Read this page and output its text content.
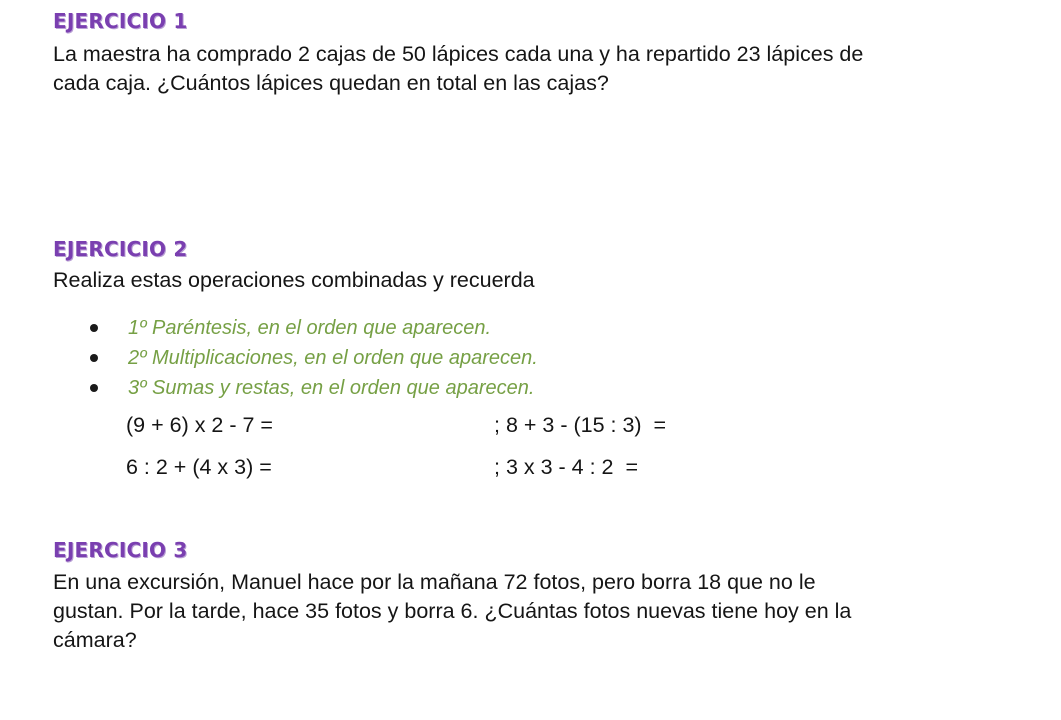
EJERCICIO 1

La maestra ha comprado 2 cajas de 50 lápices cada una y ha repartido 23 lápices de

cada caja. ¿Cuántos lápices quedan en total en las cajas?

EJERCICIO 2

Realiza estas operaciones combinadas y recuerda

1º Paréntesis, en el orden que aparecen.
2º Multiplicaciones, en el orden que aparecen.
3º Sumas y restas, en el orden que aparecen.

(9 + 6) x 2 - 7 =	; 8 + 3 - (15 : 3)  =

6 : 2 + (4 x 3) =	; 3 x 3 - 4 : 2  =

EJERCICIO 3

En una excursión, Manuel hace por la mañana 72 fotos, pero borra 18 que no le

gustan. Por la tarde, hace 35 fotos y borra 6. ¿Cuántas fotos nuevas tiene hoy en la

cámara?
